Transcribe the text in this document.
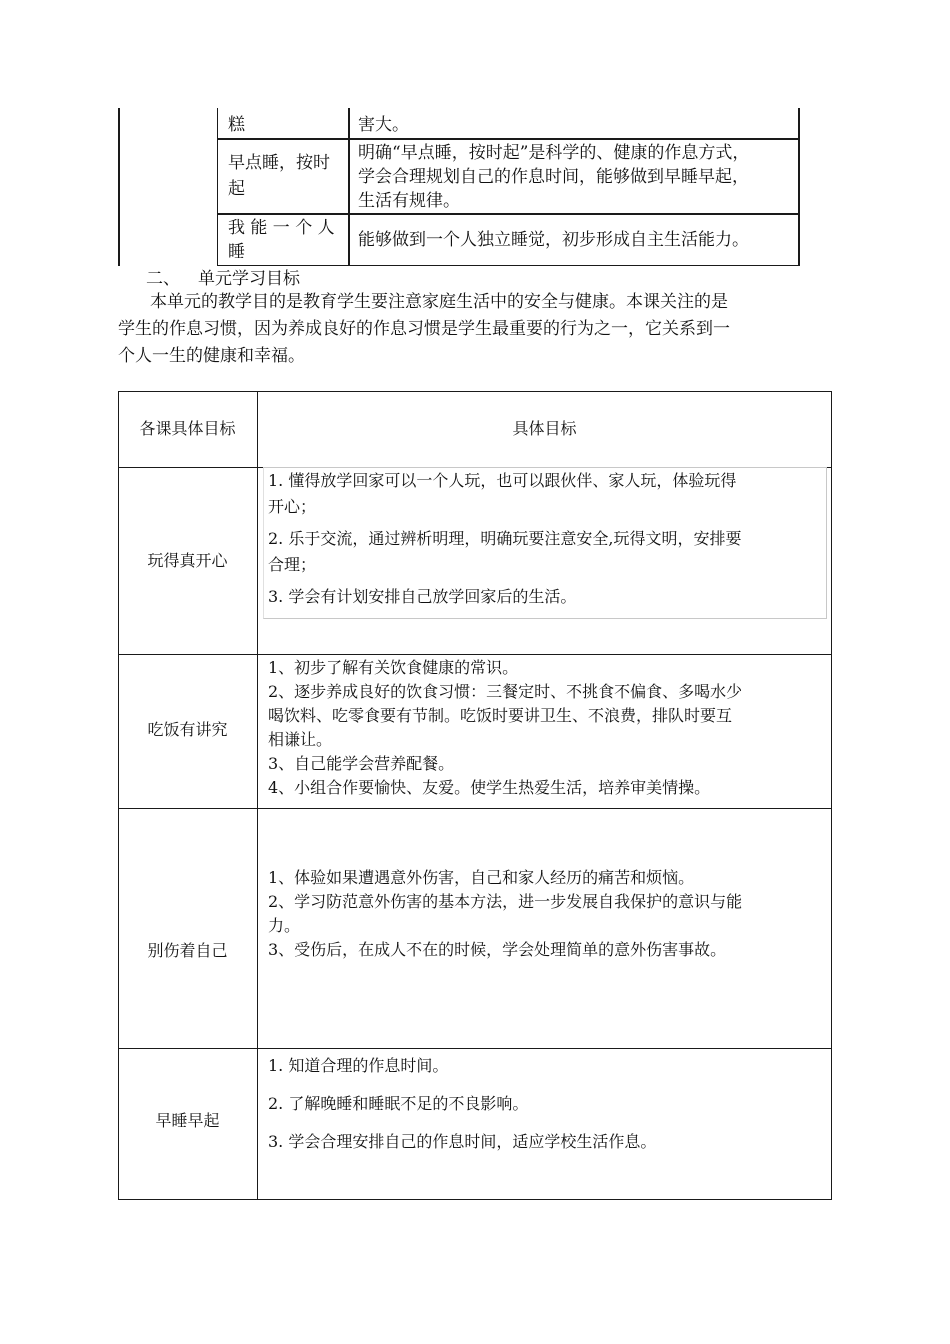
糕	害大。
早点睡，按时
起
明确“早点睡，按时起”是科学的、健康的作息方式，
学会合理规划自己的作息时间，能够做到早睡早起，
生活有规律。
我 能 一 个 人
睡
能够做到一个人独立睡觉，初步形成自主生活能力。
二、 单元学习目标
本单元的教学目的是教育学生要注意家庭生活中的安全与健康。本课关注的是
学生的作息习惯，因为养成良好的作息习惯是学生最重要的行为之一，它关系到一
个人一生的健康和幸福。
各课具体目标	具体目标
玩得真开心
1. 懂得放学回家可以一个人玩，也可以跟伙伴、家人玩，体验玩得
开心；
2. 乐于交流，通过辨析明理，明确玩要注意安全,玩得文明，安排要
合理；
3. 学会有计划安排自己放学回家后的生活。
吃饭有讲究
1、初步了解有关饮食健康的常识。
2、逐步养成良好的饮食习惯：三餐定时、不挑食不偏食、多喝水少
喝饮料、吃零食要有节制。吃饭时要讲卫生、不浪费，排队时要互
相谦让。
3、自己能学会营养配餐。
4、小组合作要愉快、友爱。使学生热爱生活，培养审美情操。
别伤着自己
1、体验如果遭遇意外伤害，自己和家人经历的痛苦和烦恼。
2、学习防范意外伤害的基本方法，进一步发展自我保护的意识与能
力。
3、受伤后，在成人不在的时候，学会处理简单的意外伤害事故。
早睡早起
1. 知道合理的作息时间。
2. 了解晚睡和睡眠不足的不良影响。
3. 学会合理安排自己的作息时间，适应学校生活作息。
